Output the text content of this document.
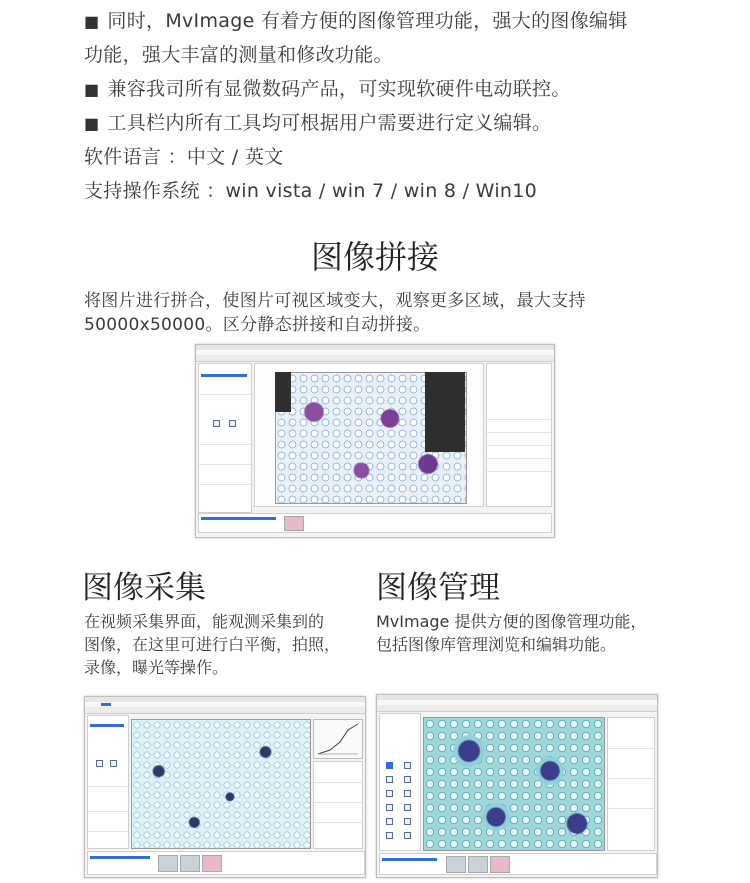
■ 同时，MvImage 有着方便的图像管理功能，强大的图像编辑
功能，强大丰富的测量和修改功能。
■ 兼容我司所有显微数码产品，可实现软硬件电动联控。
■ 工具栏内所有工具均可根据用户需要进行定义编辑。
软件语言 ：中文 / 英文
支持操作系统 ：win vista / win 7 / win 8 / Win10
图像拼接
将图片进行拼合，使图片可视区域变大，观察更多区域，最大支持
50000x50000。区分静态拼接和自动拼接。
图像采集	图像管理
在视频采集界面，能观测采集到的
图像，在这里可进行白平衡，拍照，
录像，曝光等操作。
MvImage 提供方便的图像管理功能，
包括图像库管理浏览和编辑功能。
